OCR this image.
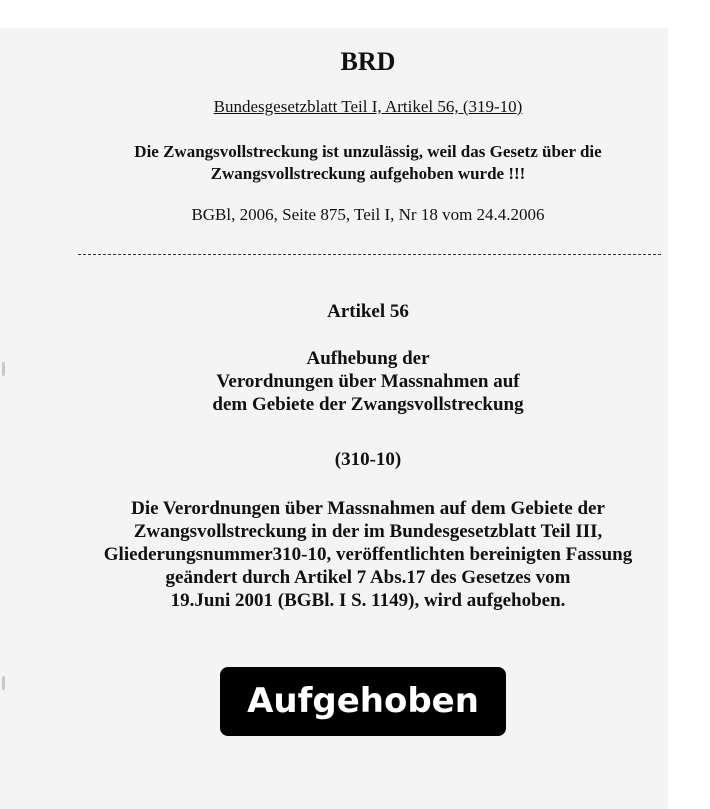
BRD
Bundesgesetzblatt Teil I, Artikel 56, (319-10)
Die Zwangsvollstreckung ist unzulässig, weil das Gesetz über die
Zwangsvollstreckung aufgehoben wurde !!!
BGBl, 2006, Seite 875, Teil I, Nr 18 vom 24.4.2006
Artikel 56
Aufhebung der
Verordnungen über Massnahmen auf
dem Gebiete der Zwangsvollstreckung
(310-10)
Die Verordnungen über Massnahmen auf dem Gebiete der
Zwangsvollstreckung in der im Bundesgesetzblatt Teil III,
Gliederungsnummer310-10, veröffentlichten bereinigten Fassung
geändert durch Artikel 7 Abs.17 des Gesetzes vom
19.Juni 2001 (BGBl. I S. 1149), wird aufgehoben.
Aufgehoben
